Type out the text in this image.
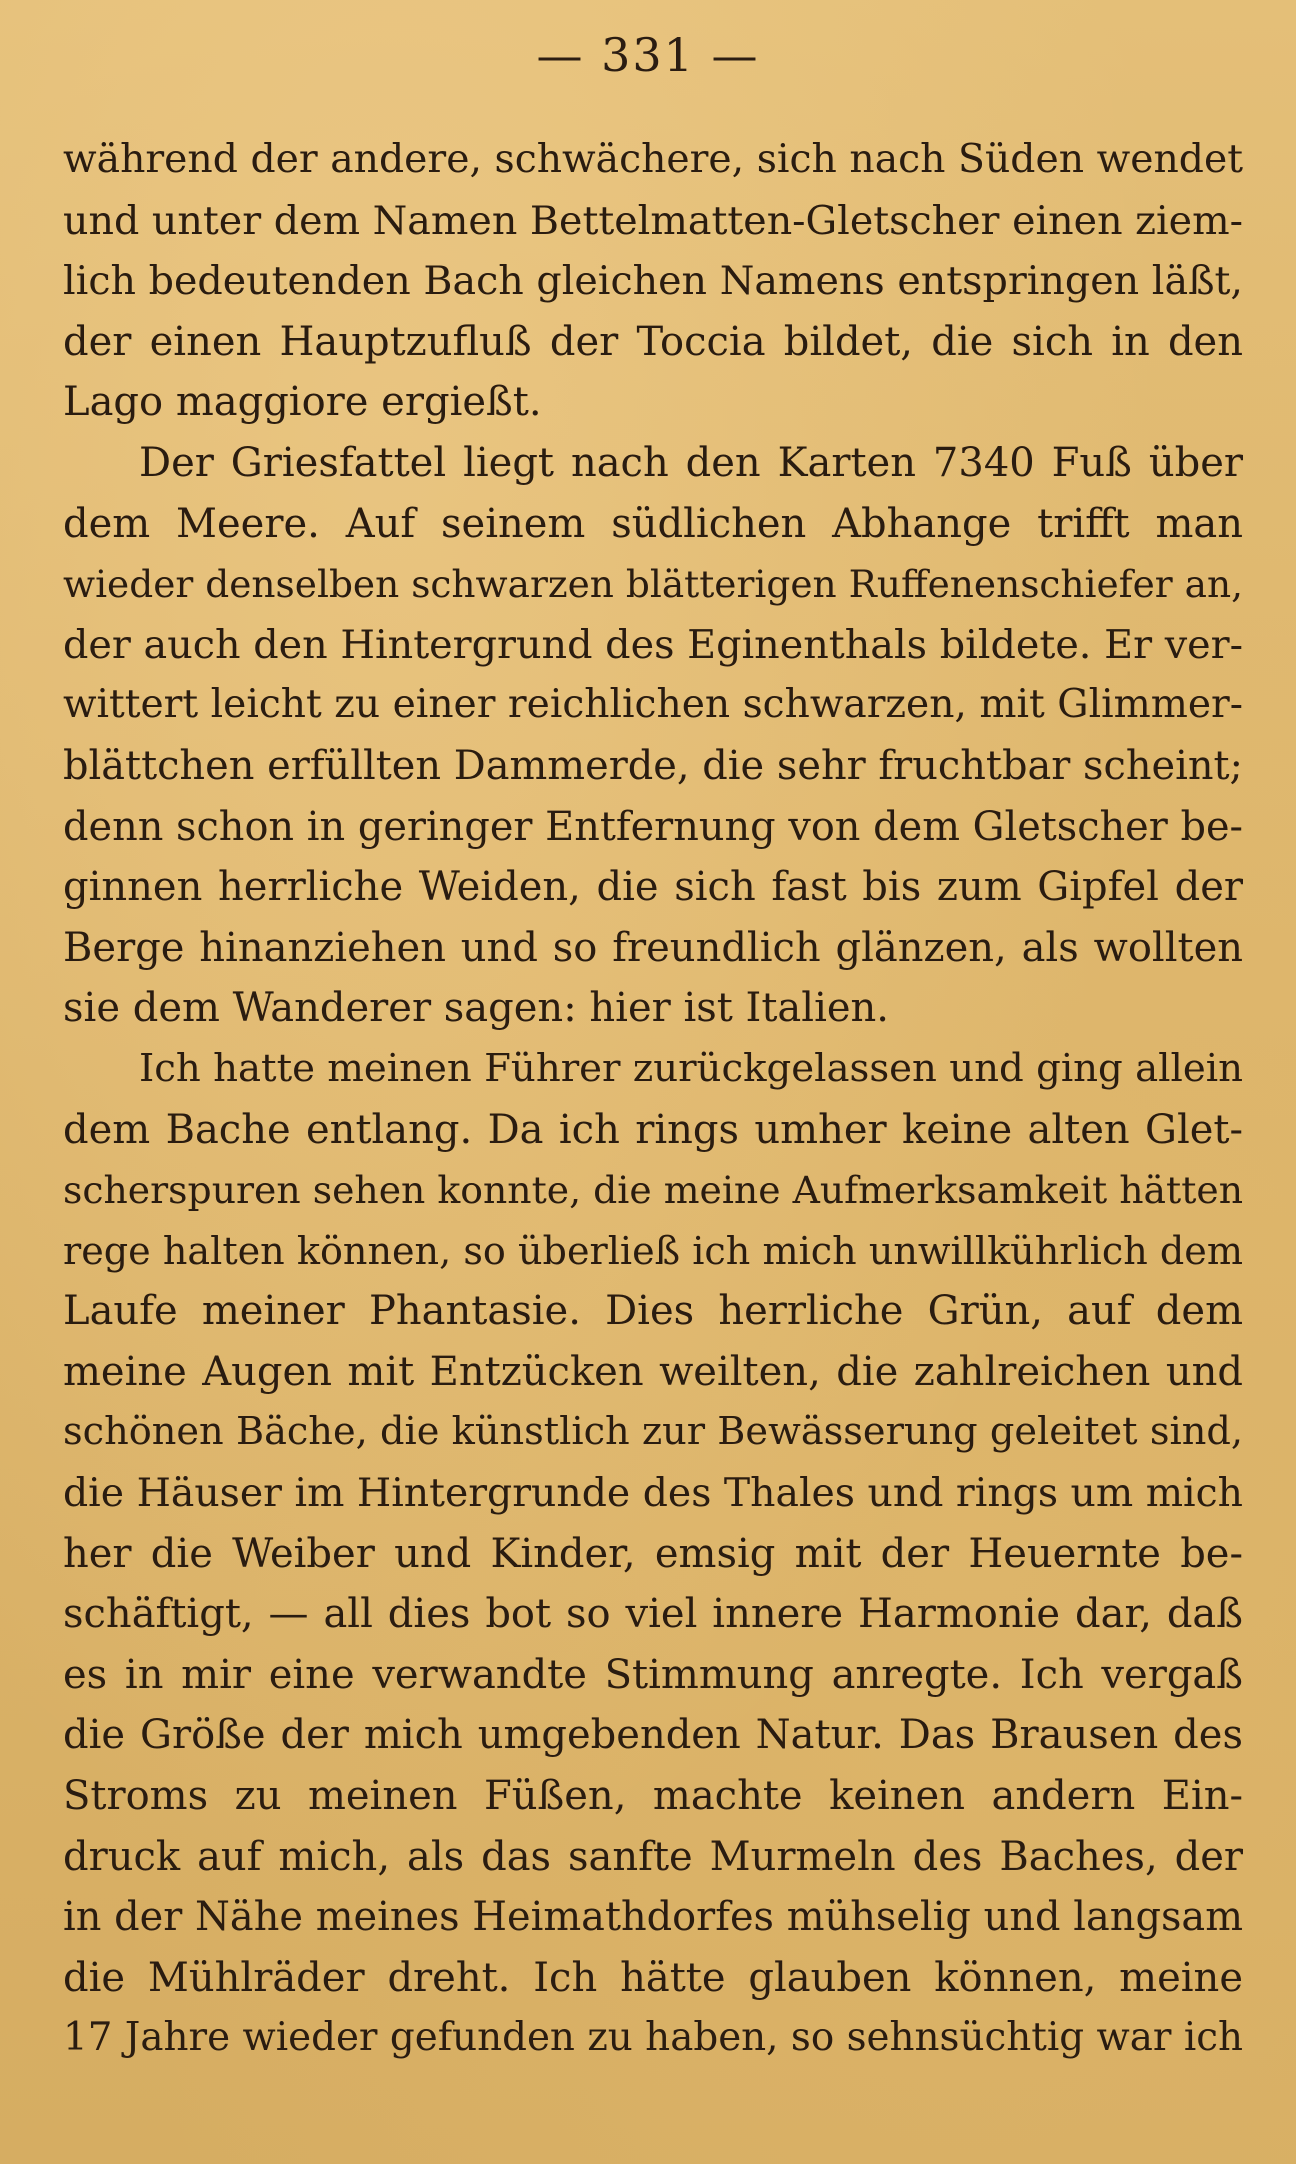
— 331 —
während der andere, schwächere, sich nach Süden wendet
und unter dem Namen Bettelmatten-Gletscher einen ziem-
lich bedeutenden Bach gleichen Namens entspringen läßt,
der einen Hauptzufluß der Toccia bildet, die sich in den
Lago maggiore ergießt.
Der Griesfattel liegt nach den Karten 7340 Fuß über
dem Meere. Auf seinem südlichen Abhange trifft man
wieder denselben schwarzen blätterigen Ruffenenschiefer an,
der auch den Hintergrund des Eginenthals bildete. Er ver-
wittert leicht zu einer reichlichen schwarzen, mit Glimmer-
blättchen erfüllten Dammerde, die sehr fruchtbar scheint;
denn schon in geringer Entfernung von dem Gletscher be-
ginnen herrliche Weiden, die sich fast bis zum Gipfel der
Berge hinanziehen und so freundlich glänzen, als wollten
sie dem Wanderer sagen: hier ist Italien.
Ich hatte meinen Führer zurückgelassen und ging allein
dem Bache entlang. Da ich rings umher keine alten Glet-
scherspuren sehen konnte, die meine Aufmerksamkeit hätten
rege halten können, so überließ ich mich unwillkührlich dem
Laufe meiner Phantasie. Dies herrliche Grün, auf dem
meine Augen mit Entzücken weilten, die zahlreichen und
schönen Bäche, die künstlich zur Bewässerung geleitet sind,
die Häuser im Hintergrunde des Thales und rings um mich
her die Weiber und Kinder, emsig mit der Heuernte be-
schäftigt, — all dies bot so viel innere Harmonie dar, daß
es in mir eine verwandte Stimmung anregte. Ich vergaß
die Größe der mich umgebenden Natur. Das Brausen des
Stroms zu meinen Füßen, machte keinen andern Ein-
druck auf mich, als das sanfte Murmeln des Baches, der
in der Nähe meines Heimathdorfes mühselig und langsam
die Mühlräder dreht. Ich hätte glauben können, meine
17 Jahre wieder gefunden zu haben, so sehnsüchtig war ich
